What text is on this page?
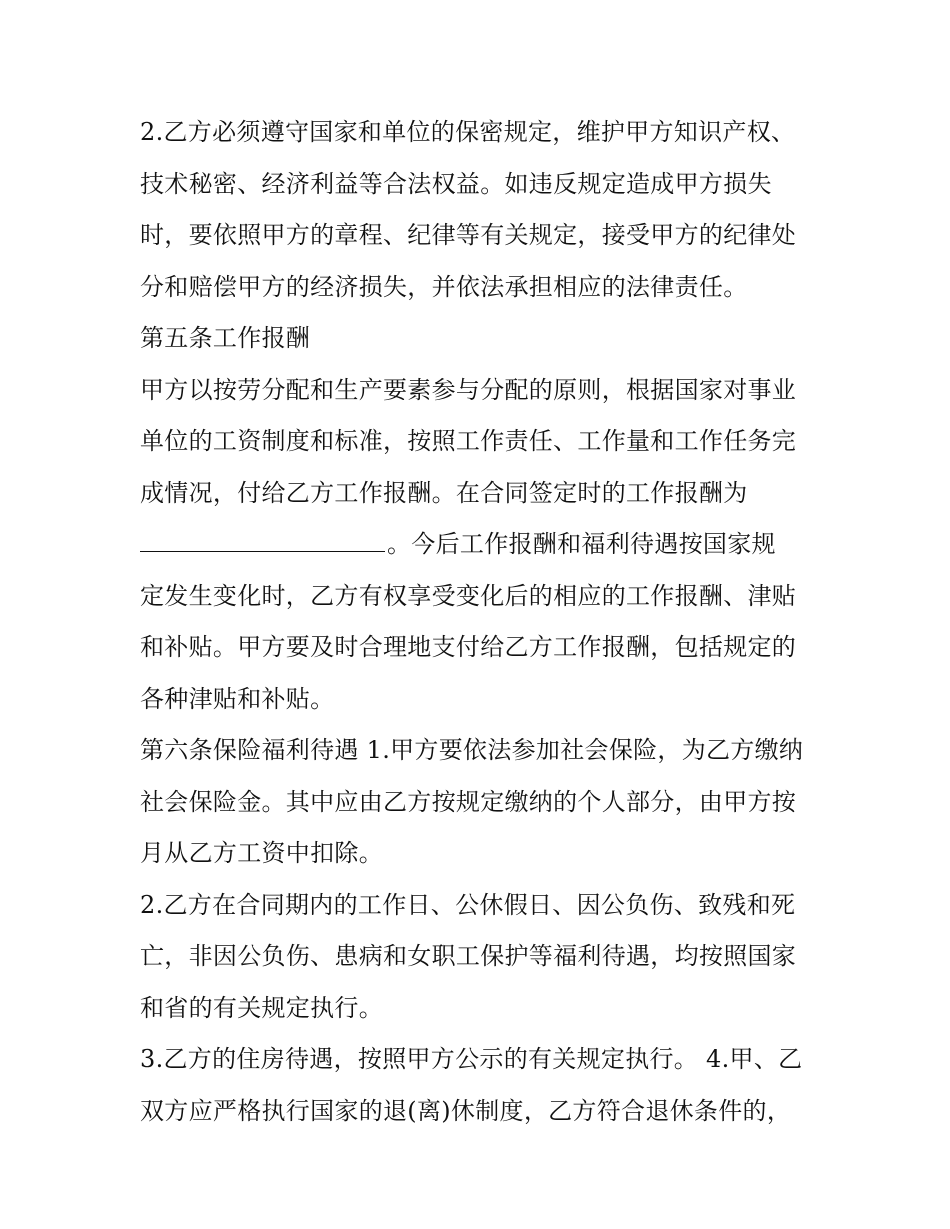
2.乙方必须遵守国家和单位的保密规定，维护甲方知识产权、
技术秘密、经济利益等合法权益。如违反规定造成甲方损失
时，要依照甲方的章程、纪律等有关规定，接受甲方的纪律处
分和赔偿甲方的经济损失，并依法承担相应的法律责任。
第五条工作报酬
甲方以按劳分配和生产要素参与分配的原则，根据国家对事业
单位的工资制度和标准，按照工作责任、工作量和工作任务完
成情况，付给乙方工作报酬。在合同签定时的工作报酬为
。今后工作报酬和福利待遇按国家规
定发生变化时，乙方有权享受变化后的相应的工作报酬、津贴
和补贴。甲方要及时合理地支付给乙方工作报酬，包括规定的
各种津贴和补贴。
第六条保险福利待遇 1.甲方要依法参加社会保险，为乙方缴纳
社会保险金。其中应由乙方按规定缴纳的个人部分，由甲方按
月从乙方工资中扣除。
2.乙方在合同期内的工作日、公休假日、因公负伤、致残和死
亡，非因公负伤、患病和女职工保护等福利待遇，均按照国家
和省的有关规定执行。
3.乙方的住房待遇，按照甲方公示的有关规定执行。 4.甲、乙
双方应严格执行国家的退(离)休制度，乙方符合退休条件的，
